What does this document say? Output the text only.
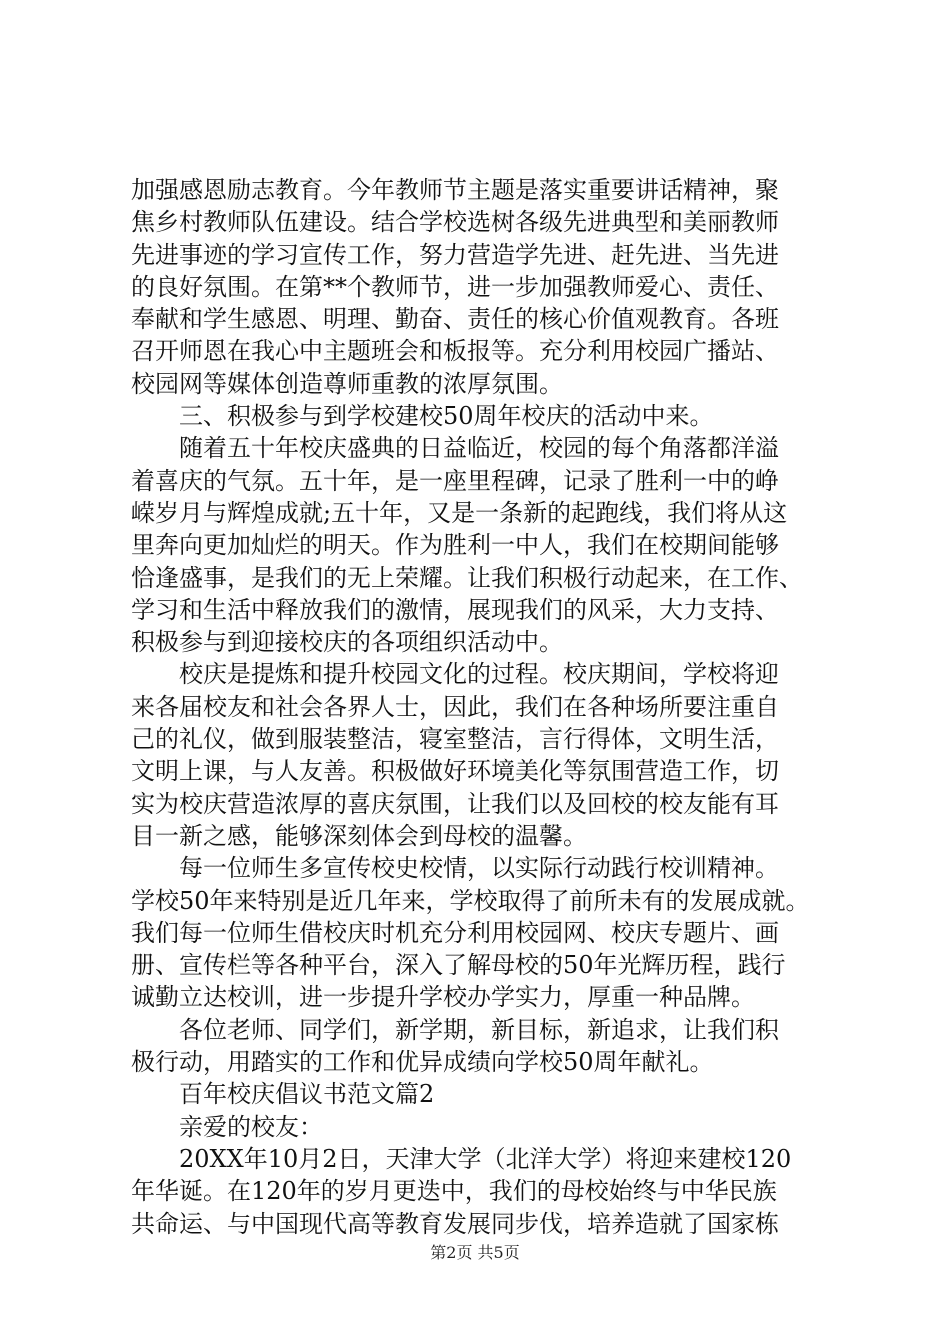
加强感恩励志教育。今年教师节主题是落实重要讲话精神，聚
焦乡村教师队伍建设。结合学校选树各级先进典型和美丽教师
先进事迹的学习宣传工作，努力营造学先进、赶先进、当先进
的良好氛围。在第**个教师节，进一步加强教师爱心、责任、
奉献和学生感恩、明理、勤奋、责任的核心价值观教育。各班
召开师恩在我心中主题班会和板报等。充分利用校园广播站、
校园网等媒体创造尊师重教的浓厚氛围。
三、积极参与到学校建校50周年校庆的活动中来。
随着五十年校庆盛典的日益临近，校园的每个角落都洋溢
着喜庆的气氛。五十年，是一座里程碑，记录了胜利一中的峥
嵘岁月与辉煌成就;五十年，又是一条新的起跑线，我们将从这
里奔向更加灿烂的明天。作为胜利一中人，我们在校期间能够
恰逢盛事，是我们的无上荣耀。让我们积极行动起来，在工作、
学习和生活中释放我们的激情，展现我们的风采，大力支持、
积极参与到迎接校庆的各项组织活动中。
校庆是提炼和提升校园文化的过程。校庆期间，学校将迎
来各届校友和社会各界人士，因此，我们在各种场所要注重自
己的礼仪，做到服装整洁，寝室整洁，言行得体，文明生活，
文明上课，与人友善。积极做好环境美化等氛围营造工作，切
实为校庆营造浓厚的喜庆氛围，让我们以及回校的校友能有耳
目一新之感，能够深刻体会到母校的温馨。
每一位师生多宣传校史校情，以实际行动践行校训精神。
学校50年来特别是近几年来，学校取得了前所未有的发展成就。
我们每一位师生借校庆时机充分利用校园网、校庆专题片、画
册、宣传栏等各种平台，深入了解母校的50年光辉历程，践行
诚勤立达校训，进一步提升学校办学实力，厚重一种品牌。
各位老师、同学们，新学期，新目标，新追求，让我们积
极行动，用踏实的工作和优异成绩向学校50周年献礼。
百年校庆倡议书范文篇2
亲爱的校友：
20XX年10月2日，天津大学（北洋大学）将迎来建校120
年华诞。在120年的岁月更迭中，我们的母校始终与中华民族
共命运、与中国现代高等教育发展同步伐，培养造就了国家栋
第2页 共5页
